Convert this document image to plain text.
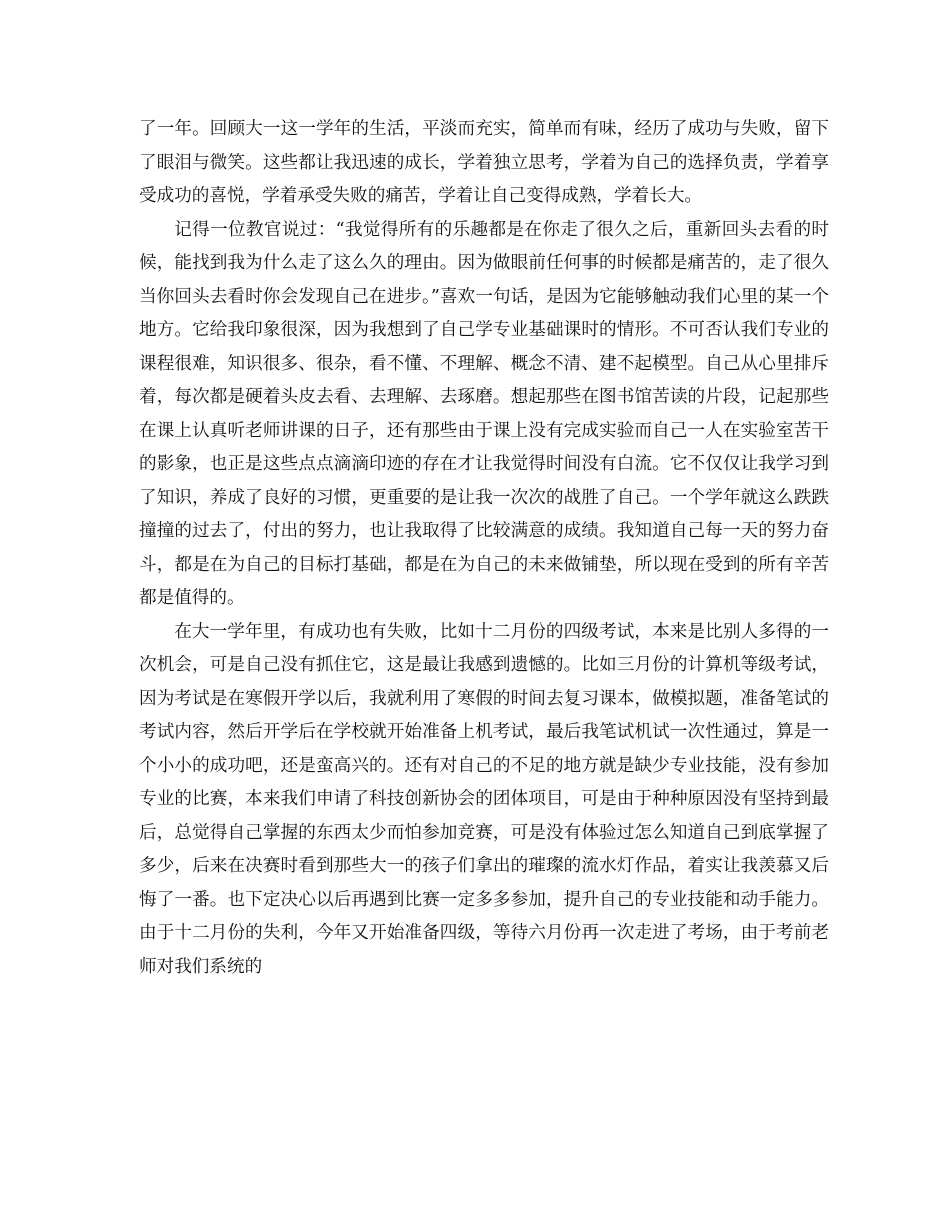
了一年。回顾大一这一学年的生活，平淡而充实，简单而有味，经历了成功与失败，留下了眼泪与微笑。这些都让我迅速的成长，学着独立思考，学着为自己的选择负责，学着享受成功的喜悦，学着承受失败的痛苦，学着让自己变得成熟，学着长大。

记得一位教官说过：“我觉得所有的乐趣都是在你走了很久之后，重新回头去看的时候，能找到我为什么走了这么久的理由。因为做眼前任何事的时候都是痛苦的，走了很久当你回头去看时你会发现自己在进步。”喜欢一句话，是因为它能够触动我们心里的某一个地方。它给我印象很深，因为我想到了自己学专业基础课时的情形。不可否认我们专业的课程很难，知识很多、很杂，看不懂、不理解、概念不清、建不起模型。自己从心里排斥着，每次都是硬着头皮去看、去理解、去琢磨。想起那些在图书馆苦读的片段，记起那些在课上认真听老师讲课的日子，还有那些由于课上没有完成实验而自己一人在实验室苦干的影象，也正是这些点点滴滴印迹的存在才让我觉得时间没有白流。它不仅仅让我学习到了知识，养成了良好的习惯，更重要的是让我一次次的战胜了自己。一个学年就这么跌跌撞撞的过去了，付出的努力，也让我取得了比较满意的成绩。我知道自己每一天的努力奋斗，都是在为自己的目标打基础，都是在为自己的未来做铺垫，所以现在受到的所有辛苦都是值得的。

在大一学年里，有成功也有失败，比如十二月份的四级考试，本来是比别人多得的一次机会，可是自己没有抓住它，这是最让我感到遗憾的。比如三月份的计算机等级考试，因为考试是在寒假开学以后，我就利用了寒假的时间去复习课本，做模拟题，准备笔试的考试内容，然后开学后在学校就开始准备上机考试，最后我笔试机试一次性通过，算是一个小小的成功吧，还是蛮高兴的。还有对自己的不足的地方就是缺少专业技能，没有参加专业的比赛，本来我们申请了科技创新协会的团体项目，可是由于种种原因没有坚持到最后，总觉得自己掌握的东西太少而怕参加竞赛，可是没有体验过怎么知道自己到底掌握了多少，后来在决赛时看到那些大一的孩子们拿出的璀璨的流水灯作品，着实让我羡慕又后悔了一番。也下定决心以后再遇到比赛一定多多参加，提升自己的专业技能和动手能力。由于十二月份的失利，今年又开始准备四级，等待六月份再一次走进了考场，由于考前老师对我们系统的
